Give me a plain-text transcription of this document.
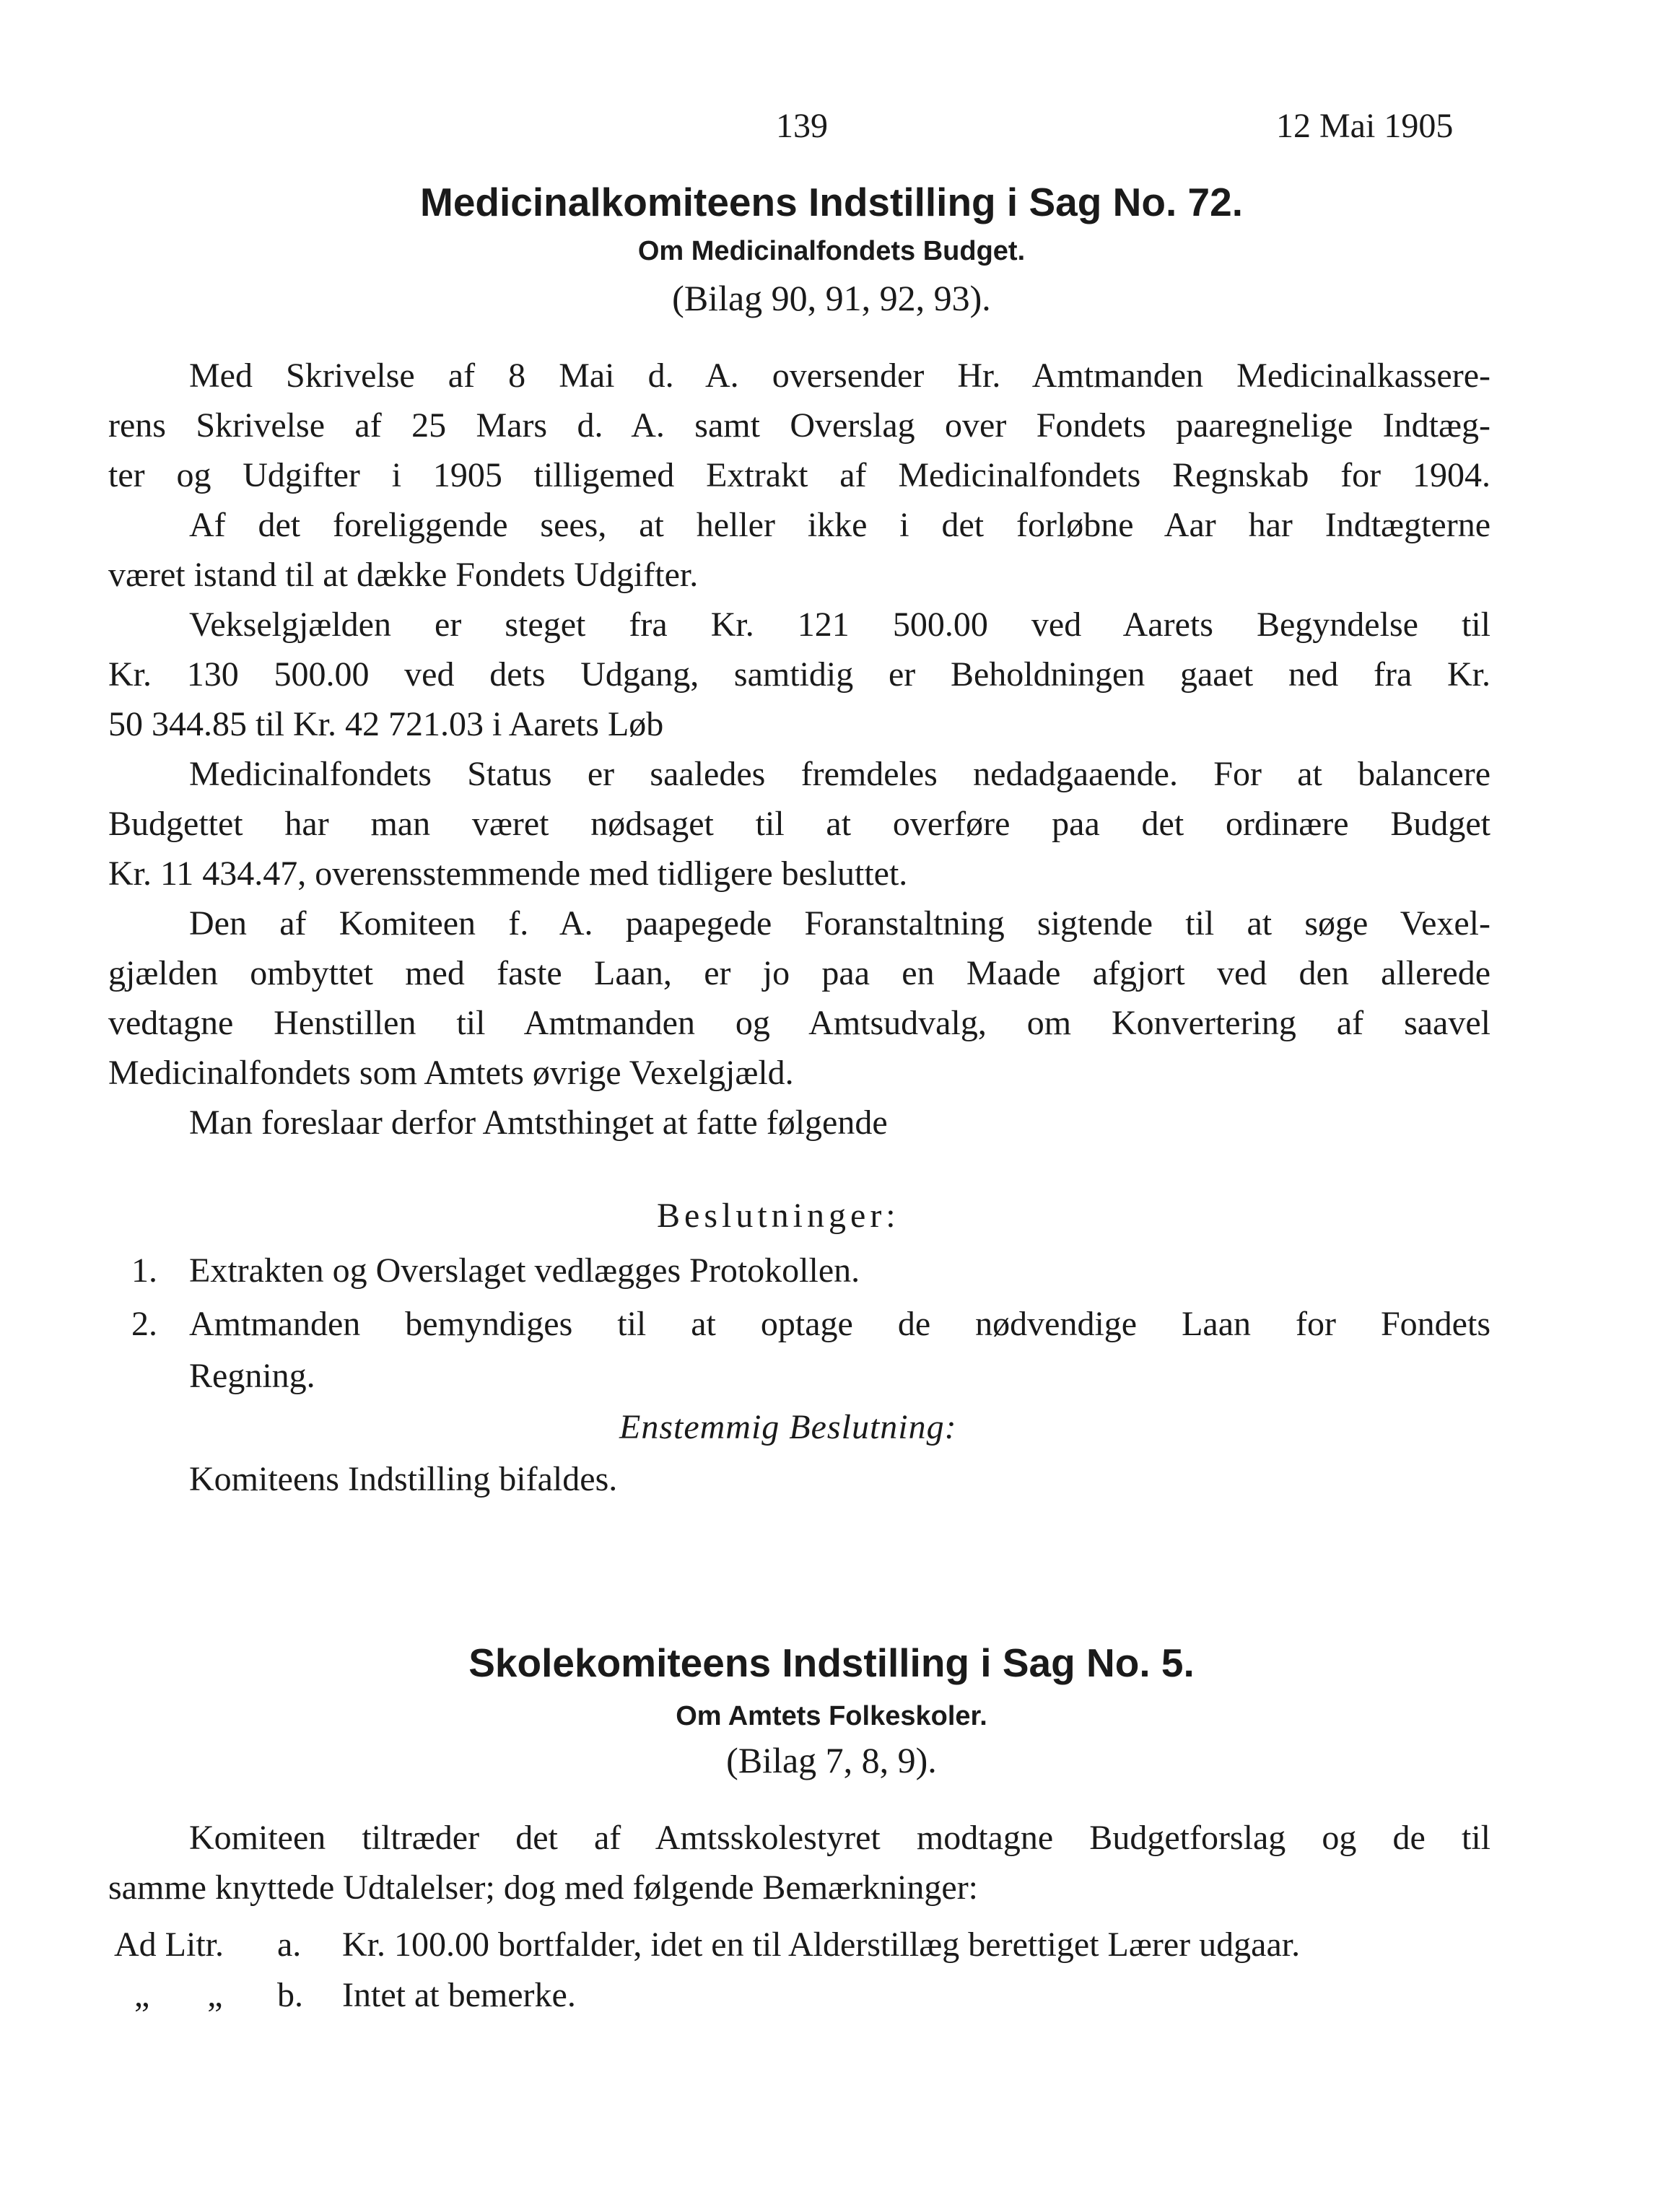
139	12 Mai 1905
Medicinalkomiteens Indstilling i Sag No. 72.
Om Medicinalfondets Budget.
(Bilag 90, 91, 92, 93).
Med Skrivelse af 8 Mai d. A. oversender Hr. Amtmanden Medicinalkassere-
rens Skrivelse af 25 Mars d. A. samt Overslag over Fondets paaregnelige Indtæg-
ter og Udgifter i 1905 tilligemed Extrakt af Medicinalfondets Regnskab for 1904.
Af det foreliggende sees, at heller ikke i det forløbne Aar har Indtægterne
været istand til at dække Fondets Udgifter.
Vekselgjælden er steget fra Kr. 121 500.00 ved Aarets Begyndelse til
Kr. 130 500.00 ved dets Udgang, samtidig er Beholdningen gaaet ned fra Kr.
50 344.85 til Kr. 42 721.03 i Aarets Løb
Medicinalfondets Status er saaledes fremdeles nedadgaaende. For at balancere
Budgettet har man været nødsaget til at overføre paa det ordinære Budget
Kr. 11 434.47, overensstemmende med tidligere besluttet.
Den af Komiteen f. A. paapegede Foranstaltning sigtende til at søge Vexel-
gjælden ombyttet med faste Laan, er jo paa en Maade afgjort ved den allerede
vedtagne Henstillen til Amtmanden og Amtsudvalg, om Konvertering af saavel
Medicinalfondets som Amtets øvrige Vexelgjæld.
Man foreslaar derfor Amtsthinget at fatte følgende
Beslutninger:
1. Extrakten og Overslaget vedlægges Protokollen.
2. Amtmanden bemyndiges til at optage de nødvendige Laan for Fondets
Regning.
Enstemmig Beslutning:
Komiteens Indstilling bifaldes.
Skolekomiteens Indstilling i Sag No. 5.
Om Amtets Folkeskoler.
(Bilag 7, 8, 9).
Komiteen tiltræder det af Amtsskolestyret modtagne Budgetforslag og de til
samme knyttede Udtalelser; dog med følgende Bemærkninger:
Ad Litr. a. Kr. 100.00 bortfalder, idet en til Alderstillæg berettiget Lærer udgaar.
„ „ b. Intet at bemerke.
